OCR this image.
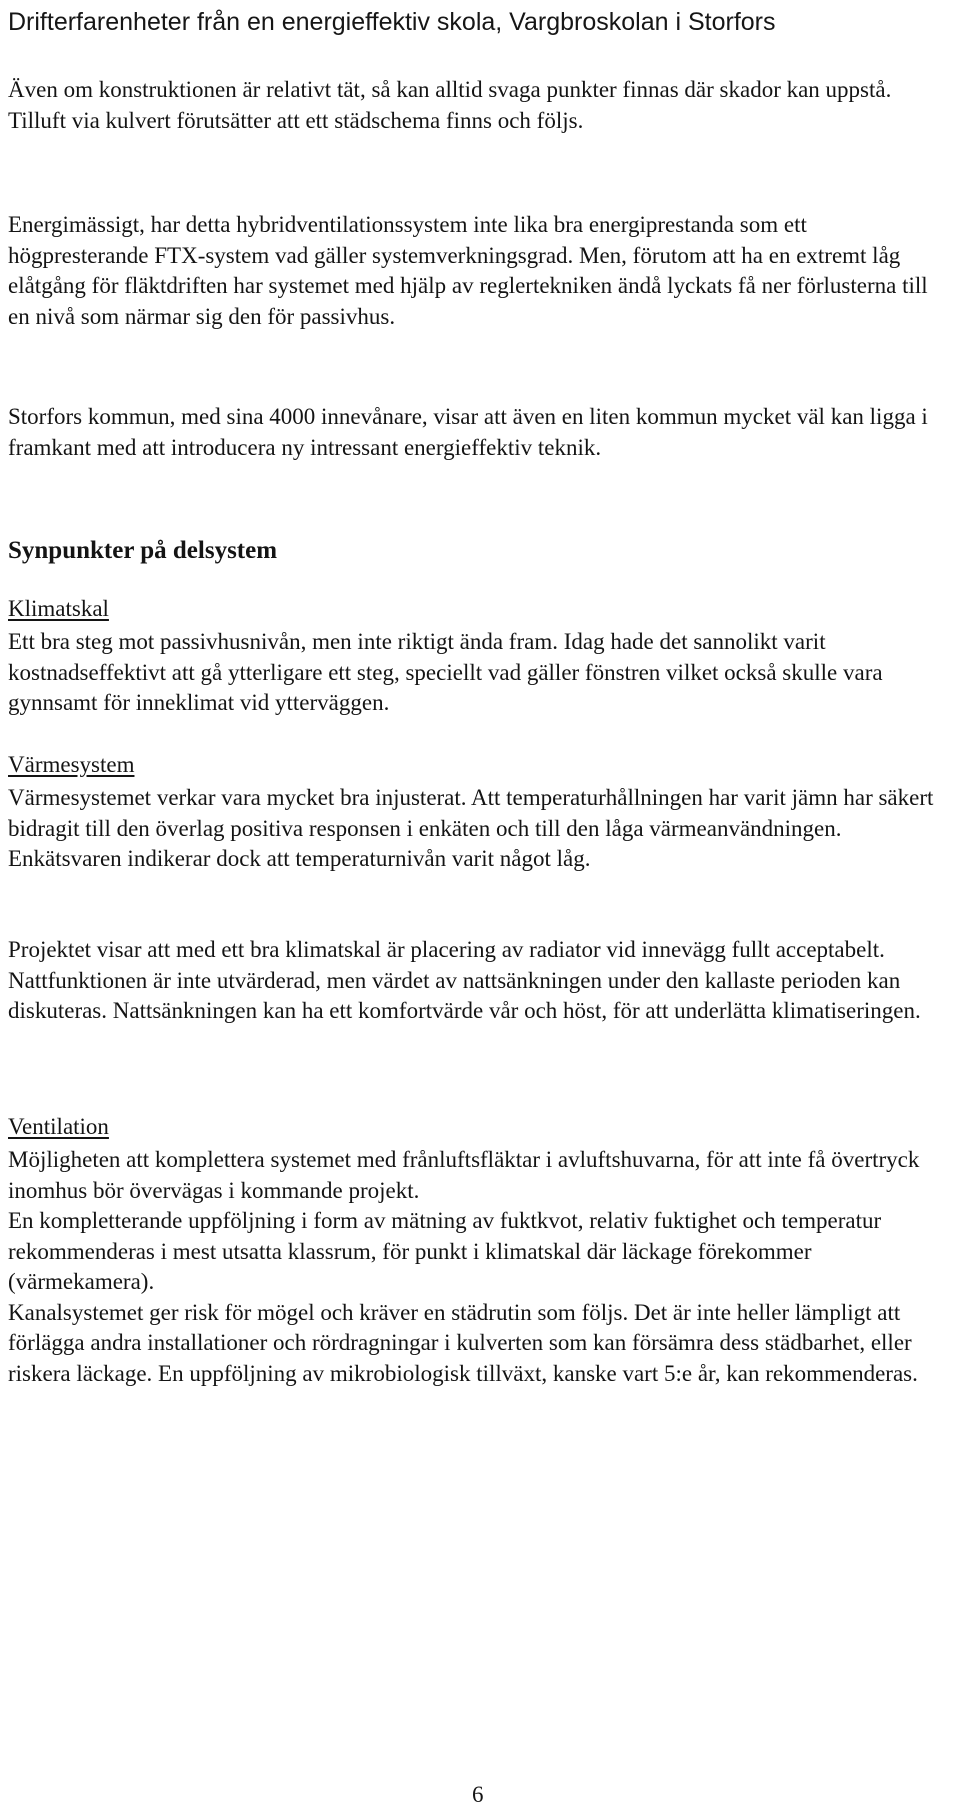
Drifterfarenheter från en energieffektiv skola, Vargbroskolan i Storfors

Även om konstruktionen är relativt tät, så kan alltid svaga punkter finnas där skador kan uppstå.
Tilluft via kulvert förutsätter att ett städschema finns och följs.

Energimässigt, har detta hybridventilationssystem inte lika bra energiprestanda som ett högpresterande FTX-system vad gäller systemverkningsgrad. Men, förutom att ha en extremt låg elåtgång för fläktdriften har systemet med hjälp av reglertekniken ändå lyckats få ner förlusterna till en nivå som närmar sig den för passivhus.

Storfors kommun, med sina 4000 innevånare, visar att även en liten kommun mycket väl kan ligga i framkant med att introducera ny intressant energieffektiv teknik.

Synpunkter på delsystem
Klimatskal

Ett bra steg mot passivhusnivån, men inte riktigt ända fram. Idag hade det sannolikt varit kostnadseffektivt att gå ytterligare ett steg, speciellt vad gäller fönstren vilket också skulle vara gynnsamt för inneklimat vid ytterväggen.

Värmesystem

Värmesystemet verkar vara mycket bra injusterat. Att temperaturhållningen har varit jämn har säkert bidragit till den överlag positiva responsen i enkäten och till den låga värmeanvändningen. Enkätsvaren indikerar dock att temperaturnivån varit något låg.

Projektet visar att med ett bra klimatskal är placering av radiator vid innevägg fullt acceptabelt.
Nattfunktionen är inte utvärderad, men värdet av nattsänkningen under den kallaste perioden kan diskuteras. Nattsänkningen kan ha ett komfortvärde vår och höst, för att underlätta klimatiseringen.

Ventilation

Möjligheten att komplettera systemet med frånluftsfläktar i avluftshuvarna, för att inte få övertryck inomhus bör övervägas i kommande projekt.
En kompletterande uppföljning i form av mätning av fuktkvot, relativ fuktighet och temperatur rekommenderas i mest utsatta klassrum, för punkt i klimatskal där läckage förekommer (värmekamera).
Kanalsystemet ger risk för mögel och kräver en städrutin som följs. Det är inte heller lämpligt att förlägga andra installationer och rördragningar i kulverten som kan försämra dess städbarhet, eller riskera läckage. En uppföljning av mikrobiologisk tillväxt, kanske vart 5:e år, kan rekommenderas.

6
